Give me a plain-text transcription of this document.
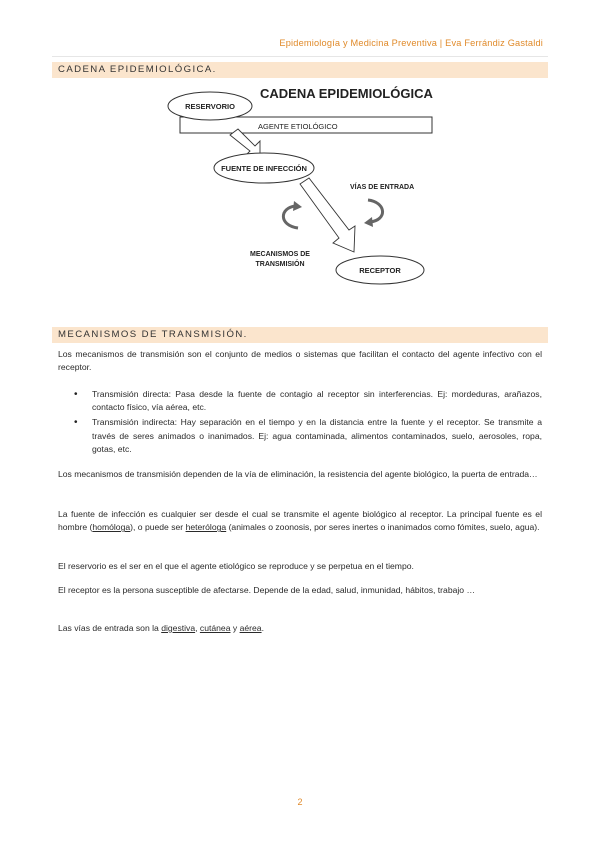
Epidemiología y Medicina Preventiva | Eva Ferrándiz Gastaldi
CADENA EPIDEMIOLÓGICA.
CADENA EPIDEMIOLÓGICA
AGENTE ETIOLÓGICO
RESERVORIO
FUENTE DE INFECCIÓN
VÍAS DE ENTRADA
MECANISMOS DE
TRANSMISIÓN
RECEPTOR
MECANISMOS DE TRANSMISIÓN.

Los mecanismos de transmisión son el conjunto de medios o sistemas que facilitan el contacto del agente infectivo con el receptor.

• Transmisión directa: Pasa desde la fuente de contagio al receptor sin interferencias. Ej: mordeduras, arañazos, contacto físico, vía aérea, etc.
• Transmisión indirecta: Hay separación en el tiempo y en la distancia entre la fuente y el receptor. Se transmite a través de seres animados o inanimados. Ej: agua contaminada, alimentos contaminados, suelo, aerosoles, ropa, gotas, etc.

Los mecanismos de transmisión dependen de la vía de eliminación, la resistencia del agente biológico, la puerta de entrada…

La fuente de infección es cualquier ser desde el cual se transmite el agente biológico al receptor. La principal fuente es el hombre (homóloga), o puede ser heteróloga (animales o zoonosis, por seres inertes o inanimados como fómites, suelo, agua).

El reservorio es el ser en el que el agente etiológico se reproduce y se perpetua en el tiempo.

El receptor es la persona susceptible de afectarse. Depende de la edad, salud, inmunidad, hábitos, trabajo …

Las vías de entrada son la digestiva, cutánea y aérea.

2
